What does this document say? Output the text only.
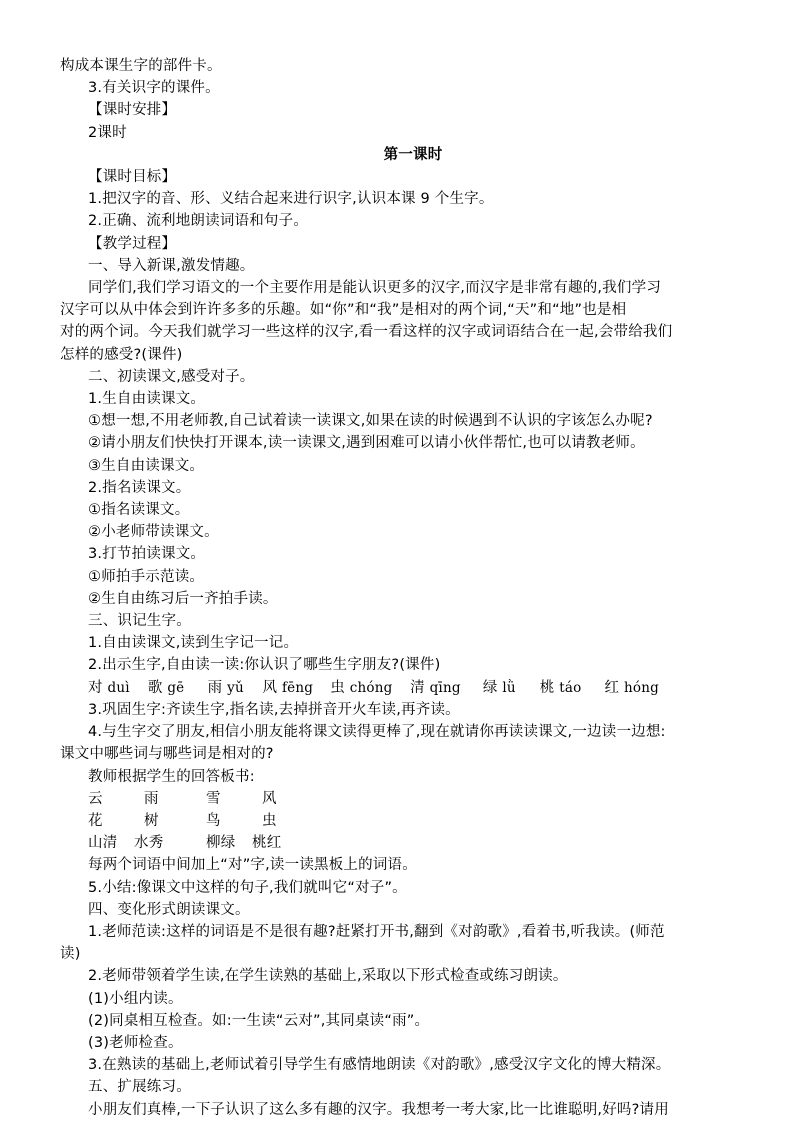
构成本课生字的部件卡。
3.有关识字的课件。
【课时安排】
2课时
第一课时
【课时目标】
1.把汉字的音、形、义结合起来进行识字,认识本课 9 个生字。
2.正确、流利地朗读词语和句子。
【教学过程】
一、导入新课,激发情趣。
同学们,我们学习语文的一个主要作用是能认识更多的汉字,而汉字是非常有趣的,我们学习
汉字可以从中体会到许许多多的乐趣。如“你”和“我”是相对的两个词,“天”和“地”也是相
对的两个词。今天我们就学习一些这样的汉字,看一看这样的汉字或词语结合在一起,会带给我们
怎样的感受?(课件)
二、初读课文,感受对子。
1.生自由读课文。
①想一想,不用老师教,自己试着读一读课文,如果在读的时候遇到不认识的字该怎么办呢?
②请小朋友们快快打开课本,读一读课文,遇到困难可以请小伙伴帮忙,也可以请教老师。
③生自由读课文。
2.指名读课文。
①指名读课文。
②小老师带读课文。
3.打节拍读课文。
①师拍手示范读。
②生自由练习后一齐拍手读。
三、识记生字。
1.自由读课文,读到生字记一记。
2.出示生字,自由读一读:你认识了哪些生字朋友?(课件)
对 duì 歌 gē 雨 yǔ 风 fēng 虫 chóng 清 qīng 绿 lǜ 桃 táo 红 hóng
3.巩固生字:齐读生字,指名读,去掉拼音开火车读,再齐读。
4.与生字交了朋友,相信小朋友能将课文读得更棒了,现在就请你再读读课文,一边读一边想:
课文中哪些词与哪些词是相对的?
教师根据学生的回答板书:
云	雨	雪	风
花	树	鸟	虫
山清 水秀	柳绿 桃红
每两个词语中间加上“对”字,读一读黑板上的词语。
5.小结:像课文中这样的句子,我们就叫它“对子”。
四、变化形式朗读课文。
1.老师范读:这样的词语是不是很有趣?赶紧打开书,翻到《对韵歌》,看着书,听我读。(师范
读)
2.老师带领着学生读,在学生读熟的基础上,采取以下形式检查或练习朗读。
(1)小组内读。
(2)同桌相互检查。如:一生读“云对”,其同桌读“雨”。
(3)老师检查。
3.在熟读的基础上,老师试着引导学生有感情地朗读《对韵歌》,感受汉字文化的博大精深。
五、扩展练习。
小朋友们真棒,一下子认识了这么多有趣的汉字。我想考一考大家,比一比谁聪明,好吗?请用
